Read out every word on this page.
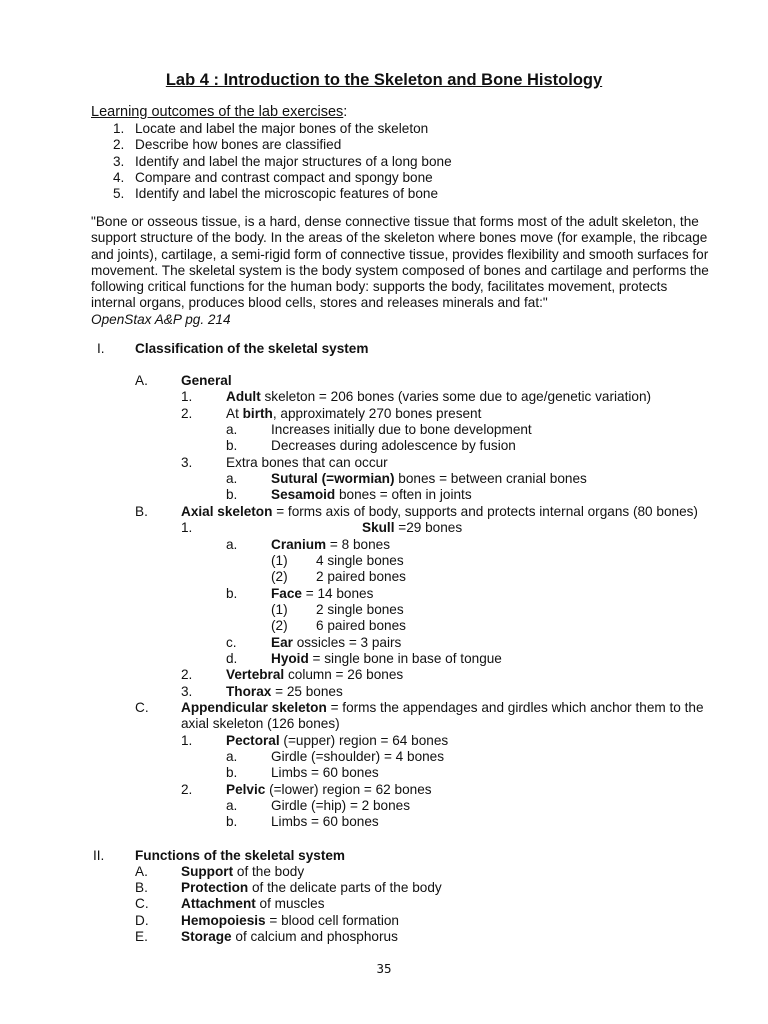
Lab 4 : Introduction to the Skeleton and Bone Histology
Learning outcomes of the lab exercises:
1. Locate and label the major bones of the skeleton
2. Describe how bones are classified
3. Identify and label the major structures of a long bone
4. Compare and contrast compact and spongy bone
5. Identify and label the microscopic features of bone

"Bone or osseous tissue, is a hard, dense connective tissue that forms most of the adult skeleton, the

support structure of the body. In the areas of the skeleton where bones move (for example, the ribcage

and joints), cartilage, a semi-rigid form of connective tissue, provides flexibility and smooth surfaces for

movement. The skeletal system is the body system composed of bones and cartilage and performs the

following critical functions for the human body: supports the body, facilitates movement, protects

internal organs, produces blood cells, stores and releases minerals and fat:"

OpenStax A&P pg. 214

I. Classification of the skeletal system
A. General
1. Adult skeleton = 206 bones (varies some due to age/genetic variation)
2. At birth, approximately 270 bones present
a. Increases initially due to bone development
b. Decreases during adolescence by fusion
3. Extra bones that can occur
a. Sutural (=wormian) bones = between cranial bones
b. Sesamoid bones = often in joints
B. Axial skeleton = forms axis of body, supports and protects internal organs (80 bones)
1.	Skull =29 bones
a. Cranium = 8 bones
(1) 4 single bones
(2) 2 paired bones
b. Face = 14 bones
(1) 2 single bones
(2) 6 paired bones
c.	Ear ossicles = 3 pairs
d. Hyoid = single bone in base of tongue
2. Vertebral column = 26 bones
3. Thorax = 25 bones
C. Appendicular skeleton = forms the appendages and girdles which anchor them to the
axial skeleton (126 bones)
1. Pectoral (=upper) region = 64 bones
a. Girdle (=shoulder) = 4 bones
b. Limbs = 60 bones
2. Pelvic (=lower) region = 62 bones
a. Girdle (=hip) = 2 bones
b. Limbs = 60 bones
II. Functions of the skeletal system
A. Support of the body
B. Protection of the delicate parts of the body
C. Attachment of muscles
D. Hemopoiesis = blood cell formation
E. Storage of calcium and phosphorus
35
